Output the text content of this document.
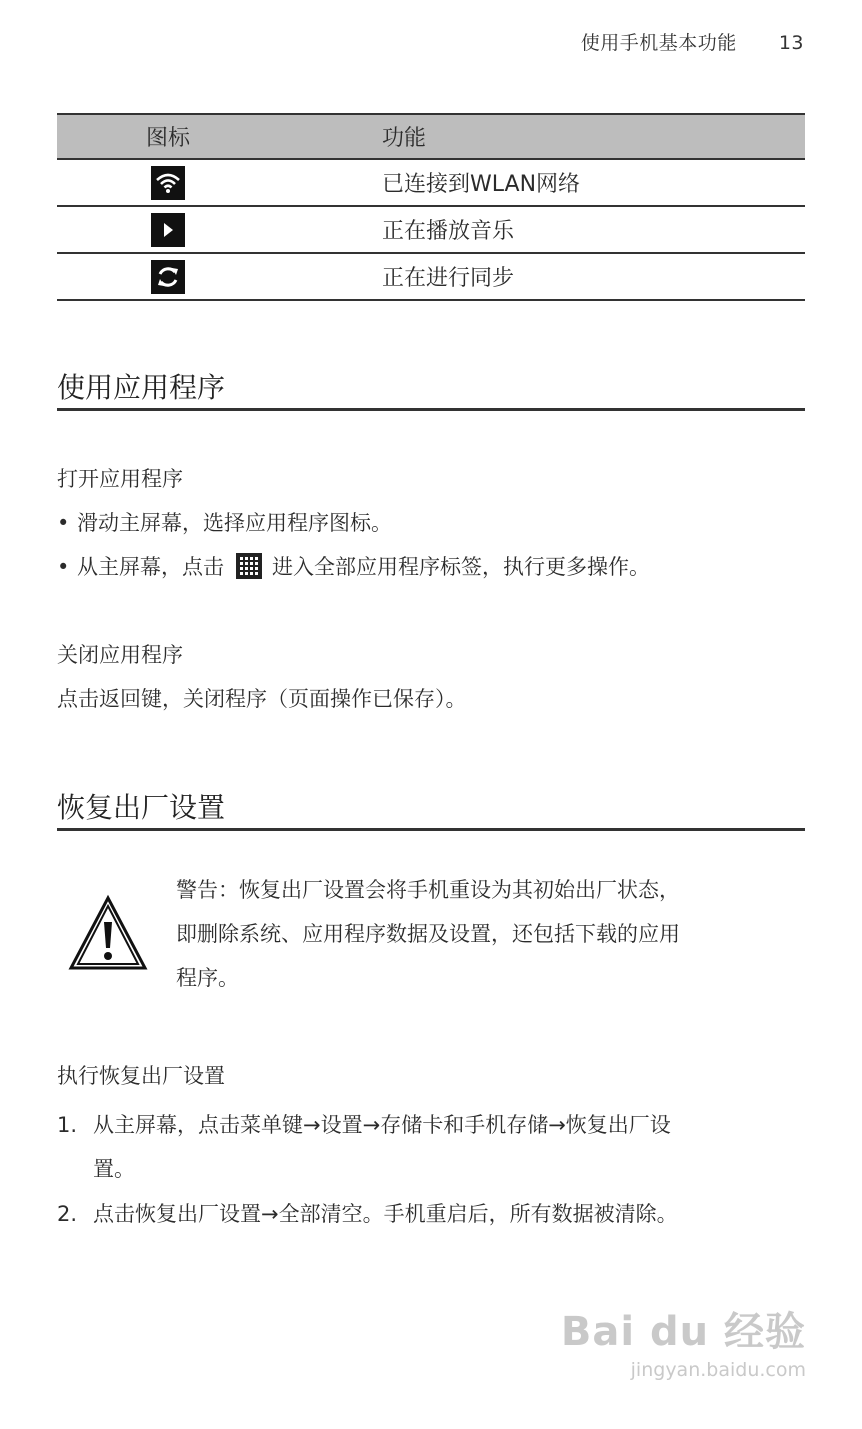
使用手机基本功能 13
图标	功能

	已连接到WLAN网络

	正在播放音乐

	正在进行同步
使用应用程序
打开应用程序
• 滑动主屏幕，选择应用程序图标。
• 从主屏幕，点击 进入全部应用程序标签，执行更多操作。
关闭应用程序
点击返回键，关闭程序（页面操作已保存）。
恢复出厂设置
警告：恢复出厂设置会将手机重设为其初始出厂状态，
即删除系统、应用程序数据及设置，还包括下载的应用
程序。
执行恢复出厂设置
1. 从主屏幕，点击菜单键→设置→存储卡和手机存储→恢复出厂设
置。
2. 点击恢复出厂设置→全部清空。手机重启后，所有数据被清除。
Bai du 经验
jingyan.baidu.com
